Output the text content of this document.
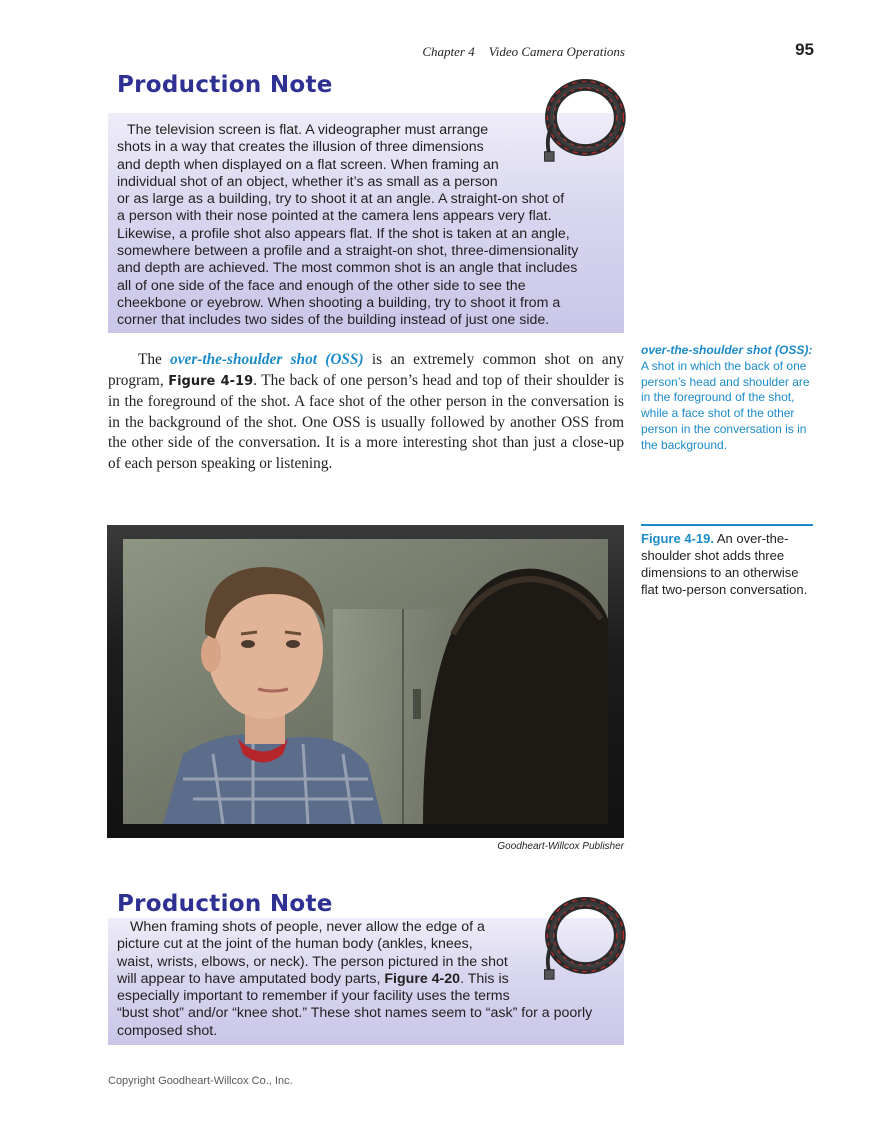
Chapter 4 Video Camera Operations	95
Production Note

The television screen is flat. A videographer must arrange

shots in a way that creates the illusion of three dimensions

and depth when displayed on a flat screen. When framing an

individual shot of an object, whether it’s as small as a person

or as large as a building, try to shoot it at an angle. A straight-on shot of

a person with their nose pointed at the camera lens appears very flat.

Likewise, a profile shot also appears flat. If the shot is taken at an angle,

somewhere between a profile and a straight-on shot, three-dimensionality

and depth are achieved. The most common shot is an angle that includes

all of one side of the face and enough of the other side to see the

cheekbone or eyebrow. When shooting a building, try to shoot it from a

corner that includes two sides of the building instead of just one side.

The over-the-shoulder shot (OSS) is an extremely common shot on any program, Figure 4-19. The back of one person’s head and top of their shoulder is in the foreground of the shot. A face shot of the other person in the conversation is in the background of the shot. One OSS is usually followed by another OSS from the other side of the conversation. It is a more interesting shot than just a close-up of each person speaking or listening.
over-the-shoulder shot (OSS): A shot in which the back of one person’s head and shoulder are in the foreground of the shot, while a face shot of the other person in the conversation is in the background.
Goodheart-Willcox Publisher
Figure 4-19. An over-the-shoulder shot adds three dimensions to an otherwise flat two-person conversation.
Production Note

When framing shots of people, never allow the edge of a

picture cut at the joint of the human body (ankles, knees,

waist, wrists, elbows, or neck). The person pictured in the shot

will appear to have amputated body parts, Figure 4-20. This is

especially important to remember if your facility uses the terms

“bust shot” and/or “knee shot.” These shot names seem to “ask” for a poorly

composed shot.

Copyright Goodheart-Willcox Co., Inc.
